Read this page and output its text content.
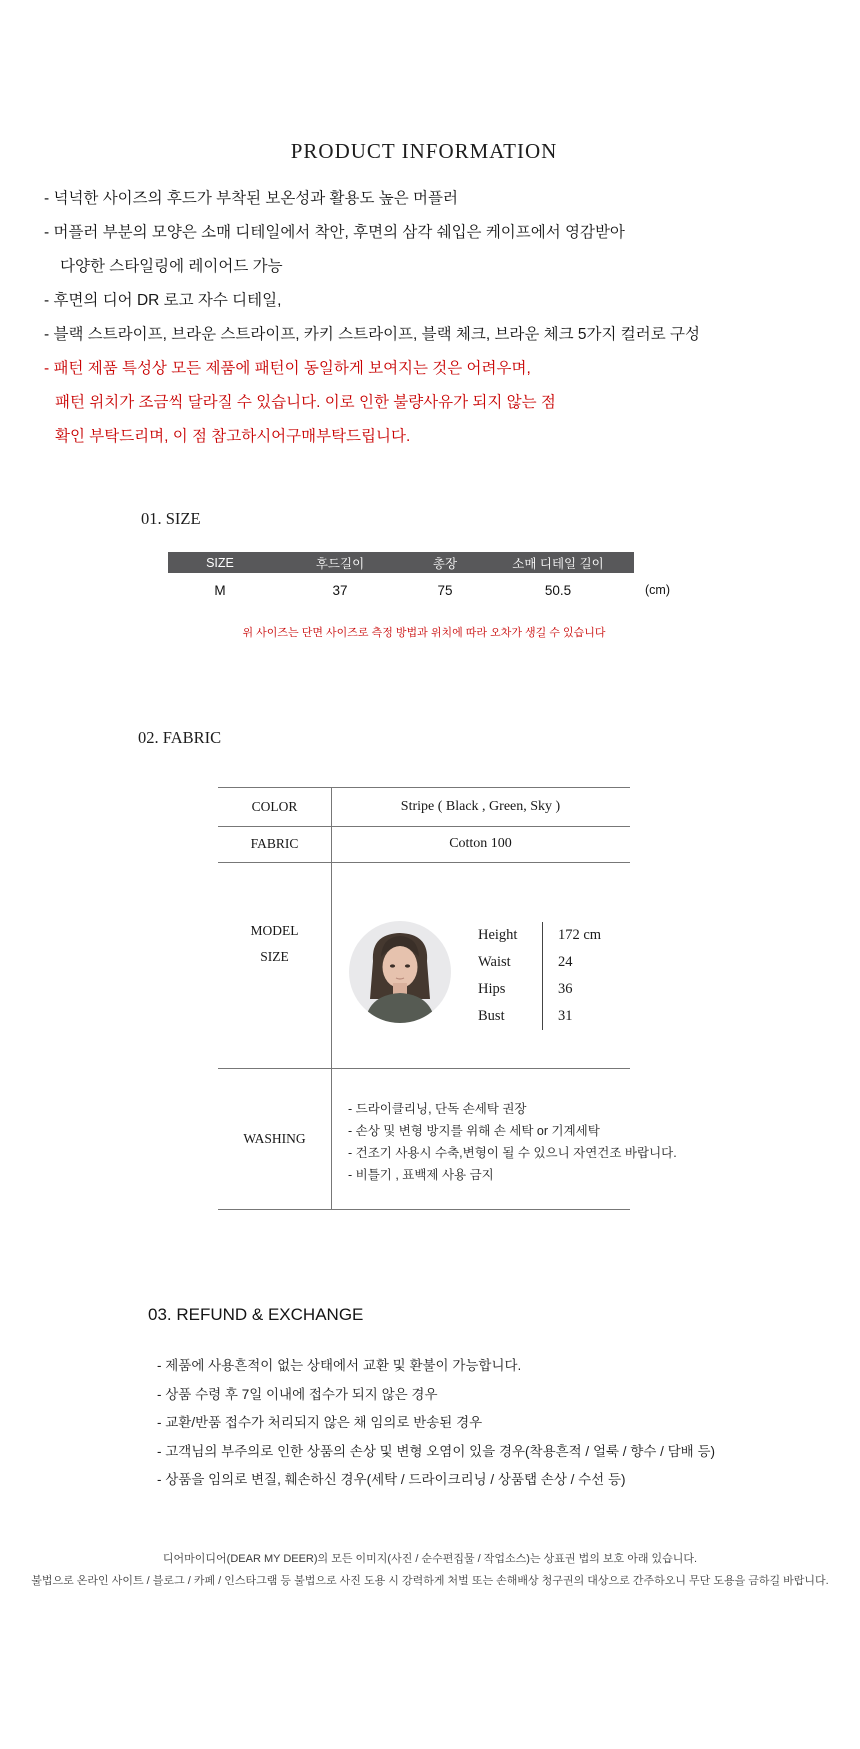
PRODUCT INFORMATION
- 넉넉한 사이즈의 후드가 부착된 보온성과 활용도 높은 머플러
- 머플러 부분의 모양은 소매 디테일에서 착안, 후면의 삼각 쉐입은 케이프에서 영감받아
다양한 스타일링에 레이어드 가능
- 후면의 디어 DR 로고 자수 디테일,
- 블랙 스트라이프, 브라운 스트라이프, 카키 스트라이프, 블랙 체크, 브라운 체크 5가지 컬러로 구성
- 패턴 제품 특성상 모든 제품에 패턴이 동일하게 보여지는 것은 어려우며,
패턴 위치가 조금씩 달라질 수 있습니다. 이로 인한 불량사유가 되지 않는 점
확인 부탁드리며, 이 점 참고하시어구매부탁드립니다.
01. SIZE
SIZE	후드길이	총장	소매 디테일 길이
M	37	75	50.5	(cm)
위 사이즈는 단면 사이즈로 측정 방법과 위치에 따라 오차가 생길 수 있습니다
02. FABRIC
COLOR	Stripe ( Black , Green, Sky )
FABRIC	Cotton 100
MODEL
SIZE
Height	172 cm
Waist	24
Hips	36
Bust	31
WASHING
- 드라이클리닝, 단독 손세탁 권장
- 손상 및 변형 방지를 위해 손 세탁 or 기계세탁
- 건조기 사용시 수축,변형이 될 수 있으니 자연건조 바랍니다.
- 비틀기 , 표백제 사용 금지
03. REFUND & EXCHANGE
- 제품에 사용흔적이 없는 상태에서 교환 및 환불이 가능합니다.
- 상품 수령 후 7일 이내에 접수가 되지 않은 경우
- 교환/반품 접수가 처리되지 않은 채 임의로 반송된 경우
- 고객님의 부주의로 인한 상품의 손상 및 변형 오염이 있을 경우(착용흔적 / 얼룩 / 향수 / 담배 등)
- 상품을 임의로 변질, 훼손하신 경우(세탁 / 드라이크리닝 / 상품탭 손상 / 수선 등)
디어마이디어(DEAR MY DEER)의 모든 이미지(사진 / 순수편집물 / 작업소스)는 상표권 법의 보호 아래 있습니다.
불법으로 온라인 사이트 / 블로그 / 카페 / 인스타그램 등 불법으로 사진 도용 시 강력하게 처벌 또는 손해배상 청구권의 대상으로 간주하오니 무단 도용을 금하길 바랍니다.
